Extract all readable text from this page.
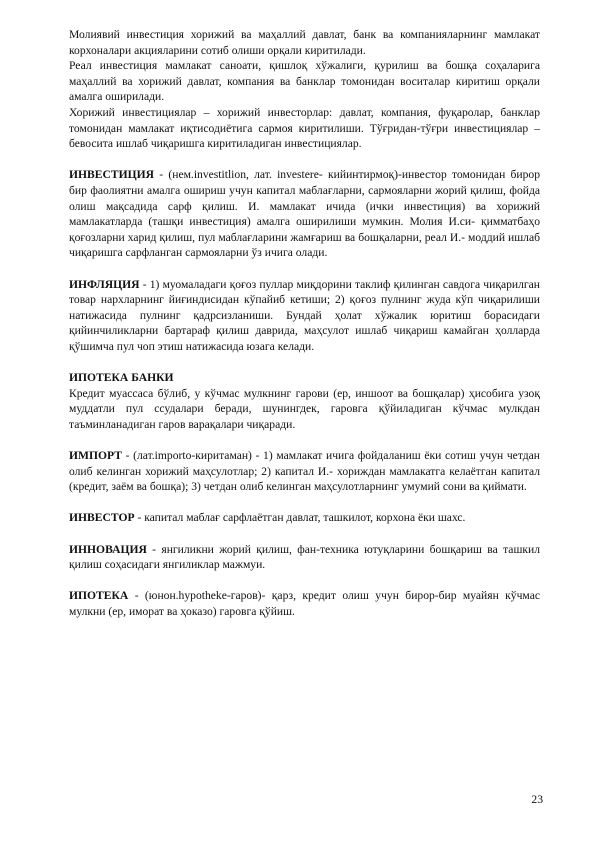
Молиявий инвестиция хорижий ва маҳаллий давлат, банк ва компанияларнинг мамлакат корхоналари акцияларини сотиб олиши орқали киритилади.

Реал инвестиция мамлакат саноати, қишлоқ хўжалиги, қурилиш ва бошқа соҳаларига маҳаллий ва хорижий давлат, компания ва банклар томонидан воситалар киритиш орқали амалга оширилади.

Хорижий инвестициялар – хорижий инвесторлар: давлат, компания, фуқаролар, банклар томонидан мамлакат иқтисодиётига сармоя киритилиши. Тўғридан-тўғри инвестициялар – бевосита ишлаб чиқаришга киритиладиган инвестициялар.

ИНВЕСТИЦИЯ - (нем.investitlion, лат. investere- кийинтирмоқ)-инвестор томонидан бирор бир фаолиятни амалга ошириш учун капитал маблағларни, сармояларни жорий қилиш, фойда олиш мақсадида сарф қилиш. И. мамлакат ичида (ички инвестиция) ва хорижий мамлакатларда (ташқи инвестиция) амалга оширилиши мумкин. Молия И.си- қимматбаҳо қоғозларни харид қилиш, пул маблағларини жамғариш ва бошқаларни, реал И.- моддий ишлаб чиқаришга сарфланган сармояларни ўз ичига олади.

ИНФЛЯЦИЯ - 1) муомаладаги қоғоз пуллар миқдорини таклиф қилинган савдога чиқарилган товар нархларнинг йиғиндисидан кўпайиб кетиши; 2) қоғоз пулнинг жуда кўп чиқарилиши натижасида пулнинг қадрсизланиши. Бундай ҳолат хўжалик юритиш борасидаги қийинчиликларни бартараф қилиш даврида, маҳсулот ишлаб чиқариш камайган ҳолларда қўшимча пул чоп этиш натижасида юзага келади.

ИПОТЕКА БАНКИ

Кредит муассаса бўлиб, у кўчмас мулкнинг гарови (ер, иншоот ва бошқалар) ҳисобига узоқ муддатли пул ссудалари беради, шунингдек, гаровга қўйиладиган кўчмас мулкдан таъминланадиган гаров варақалари чиқаради.

ИМПОРТ - (лат.importo-киритаман) - 1) мамлакат ичига фойдаланиш ёки сотиш учун четдан олиб келинган хорижий маҳсулотлар; 2) капитал И.- хориждан мамлакатга келаётган капитал (кредит, заём ва бошқа); 3) четдан олиб келинган маҳсулотларнинг умумий сони ва қиймати.

ИНВЕСТОР - капитал маблағ сарфлаётган давлат, ташкилот, корхона ёки шахс.

ИННОВАЦИЯ - янгиликни жорий қилиш, фан-техника ютуқларини бошқариш ва ташкил қилиш соҳасидаги янгиликлар мажмуи.

ИПОТЕКА - (юнон.hypotheke-гаров)- қарз, кредит олиш учун бирор-бир муайян кўчмас мулкни (ер, иморат ва ҳоказо) гаровга қўйиш.

23
